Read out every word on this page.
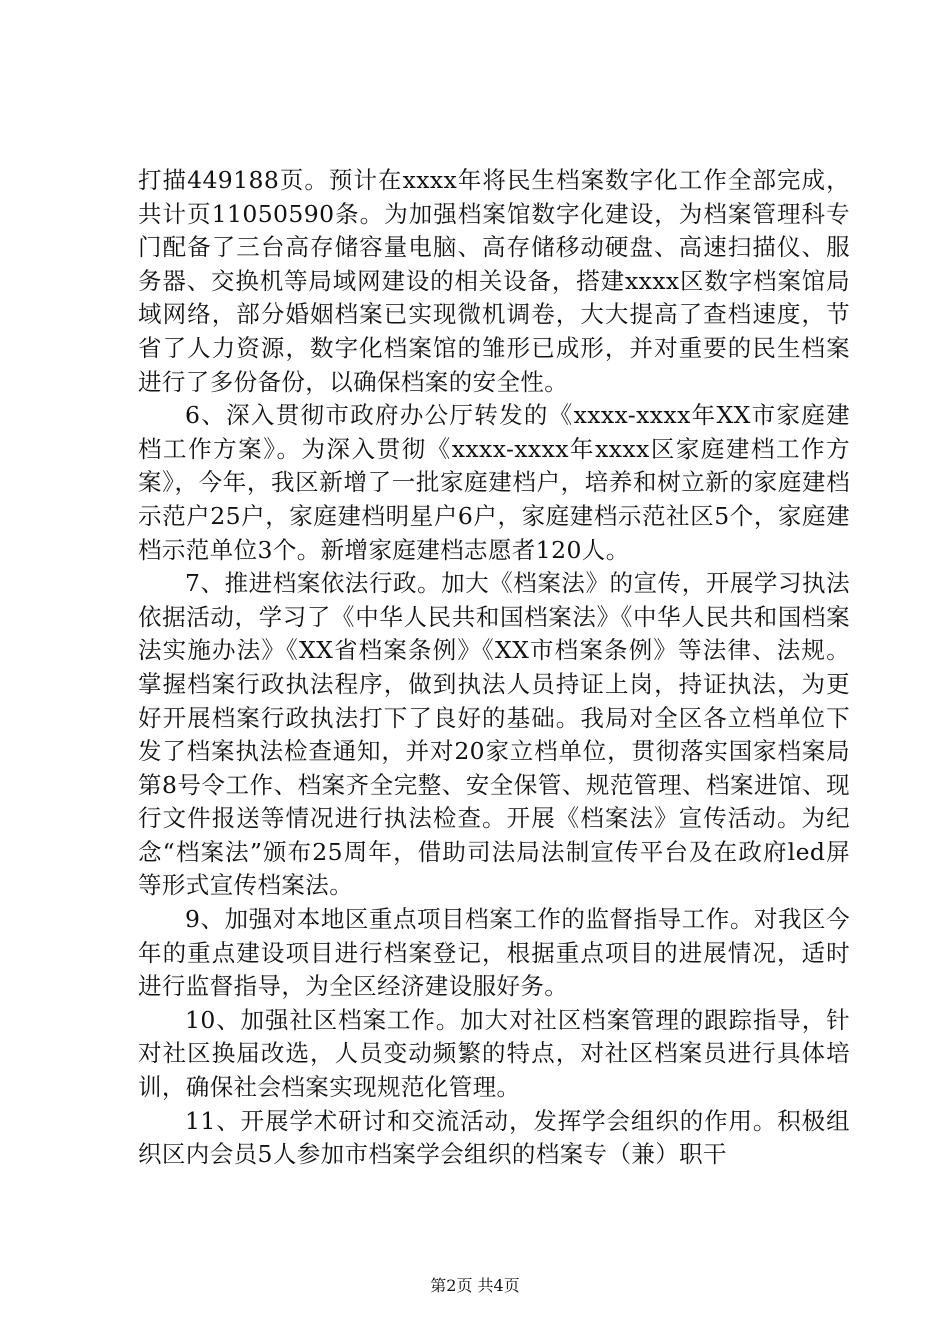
打描449188页。预计在xxxx年将民生档案数字化工作全部完成，共计页11050590条。为加强档案馆数字化建设，为档案管理科专门配备了三台高存储容量电脑、高存储移动硬盘、高速扫描仪、服务器、交换机等局域网建设的相关设备，搭建xxxx区数字档案馆局域网络，部分婚姻档案已实现微机调卷，大大提高了查档速度，节省了人力资源，数字化档案馆的雏形已成形，并对重要的民生档案进行了多份备份，以确保档案的安全性。

6、深入贯彻市政府办公厅转发的《xxxx-xxxx年XX市家庭建档工作方案》。为深入贯彻《xxxx-xxxx年xxxx区家庭建档工作方案》，今年，我区新增了一批家庭建档户，培养和树立新的家庭建档示范户25户，家庭建档明星户6户，家庭建档示范社区5个，家庭建档示范单位3个。新增家庭建档志愿者120人。

7、推进档案依法行政。加大《档案法》的宣传，开展学习执法依据活动，学习了《中华人民共和国档案法》《中华人民共和国档案法实施办法》《XX省档案条例》《XX市档案条例》等法律、法规。掌握档案行政执法程序，做到执法人员持证上岗，持证执法，为更好开展档案行政执法打下了良好的基础。我局对全区各立档单位下发了档案执法检查通知，并对20家立档单位，贯彻落实国家档案局第8号令工作、档案齐全完整、安全保管、规范管理、档案进馆、现行文件报送等情况进行执法检查。开展《档案法》宣传活动。为纪念“档案法”颁布25周年，借助司法局法制宣传平台及在政府led屏等形式宣传档案法。

9、加强对本地区重点项目档案工作的监督指导工作。对我区今年的重点建设项目进行档案登记，根据重点项目的进展情况，适时进行监督指导，为全区经济建设服好务。

10、加强社区档案工作。加大对社区档案管理的跟踪指导，针对社区换届改选，人员变动频繁的特点，对社区档案员进行具体培训，确保社会档案实现规范化管理。

11、开展学术研讨和交流活动，发挥学会组织的作用。积极组织区内会员5人参加市档案学会组织的档案专（兼）职干

第2页 共4页
